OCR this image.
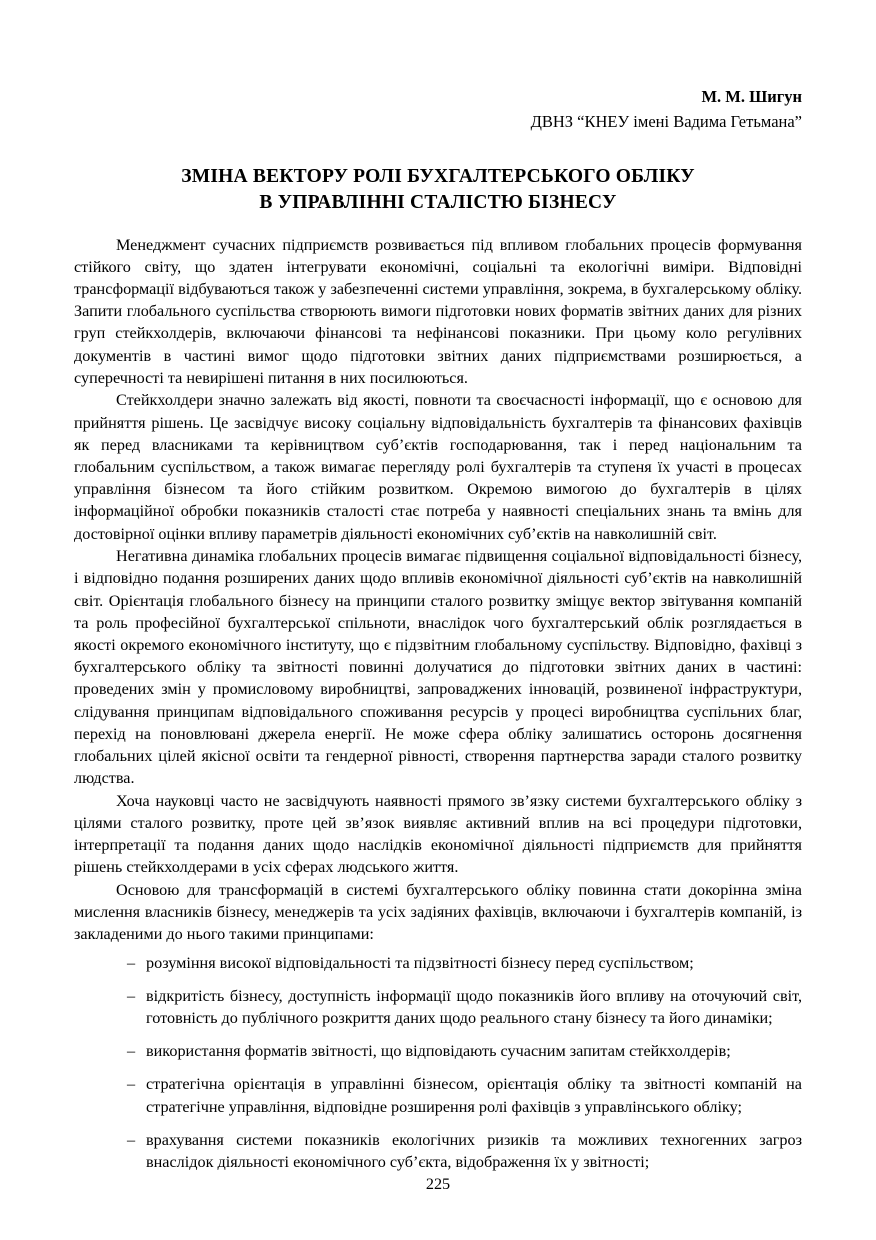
М. М. Шигун
ДВНЗ “КНЕУ імені Вадима Гетьмана”
ЗМІНА ВЕКТОРУ РОЛІ БУХГАЛТЕРСЬКОГО ОБЛІКУ
В УПРАВЛІННІ СТАЛІСТЮ БІЗНЕСУ

Менеджмент сучасних підприємств розвивається під впливом глобальних процесів формування стійкого світу, що здатен інтегрувати економічні, соціальні та екологічні виміри. Відповідні трансформації відбуваються також у забезпеченні системи управління, зокрема, в бухгалерському обліку. Запити глобального суспільства створюють вимоги підготовки нових форматів звітних даних для різних груп стейкхолдерів, включаючи фінансові та нефінансові показники. При цьому коло регулівних документів в частині вимог щодо підготовки звітних даних підприємствами розширюється, а суперечності та невирішені питання в них посилюються.

Стейкхолдери значно залежать від якості, повноти та своєчасності інформації, що є основою для прийняття рішень. Це засвідчує високу соціальну відповідальність бухгалтерів та фінансових фахівців як перед власниками та керівництвом суб’єктів господарювання, так і перед національним та глобальним суспільством, а також вимагає перегляду ролі бухгалтерів та ступеня їх участі в процесах управління бізнесом та його стійким розвитком. Окремою вимогою до бухгалтерів в цілях інформаційної обробки показників сталості стає потреба у наявності спеціальних знань та вмінь для достовірної оцінки впливу параметрів діяльності економічних суб’єктів на навколишній світ.

Негативна динаміка глобальних процесів вимагає підвищення соціальної відповідальності бізнесу, і відповідно подання розширених даних щодо впливів економічної діяльності суб’єктів на навколишній світ. Орієнтація глобального бізнесу на принципи сталого розвитку зміщує вектор звітування компаній та роль професійної бухгалтерської спільноти, внаслідок чого бухгалтерський облік розглядається в якості окремого економічного інституту, що є підзвітним глобальному суспільству. Відповідно, фахівці з бухгалтерського обліку та звітності повинні долучатися до підготовки звітних даних в частині: проведених змін у промисловому виробництві, запроваджених інновацій, розвиненої інфраструктури, слідування принципам відповідального споживання ресурсів у процесі виробництва суспільних благ, перехід на поновлювані джерела енергії. Не може сфера обліку залишатись осторонь досягнення глобальних цілей якісної освіти та гендерної рівності, створення партнерства заради сталого розвитку людства.

Хоча науковці часто не засвідчують наявності прямого зв’язку системи бухгалтерського обліку з цілями сталого розвитку, проте цей зв’язок виявляє активний вплив на всі процедури підготовки, інтерпретації та подання даних щодо наслідків економічної діяльності підприємств для прийняття рішень стейкхолдерами в усіх сферах людського життя.

Основою для трансформацій в системі бухгалтерського обліку повинна стати докорінна зміна мислення власників бізнесу, менеджерів та усіх задіяних фахівців, включаючи і бухгалтерів компаній, із закладеними до нього такими принципами:

– розуміння високої відповідальності та підзвітності бізнесу перед суспільством;
– відкритість бізнесу, доступність інформації щодо показників його впливу на оточуючий світ, готовність до публічного розкриття даних щодо реального стану бізнесу та його динаміки;
– використання форматів звітності, що відповідають сучасним запитам стейкхолдерів;
– стратегічна орієнтація в управлінні бізнесом, орієнтація обліку та звітності компаній на стратегічне управління, відповідне розширення ролі фахівців з управлінського обліку;
– врахування системи показників екологічних ризиків та можливих техногенних загроз внаслідок діяльності економічного суб’єкта, відображення їх у звітності;
225
